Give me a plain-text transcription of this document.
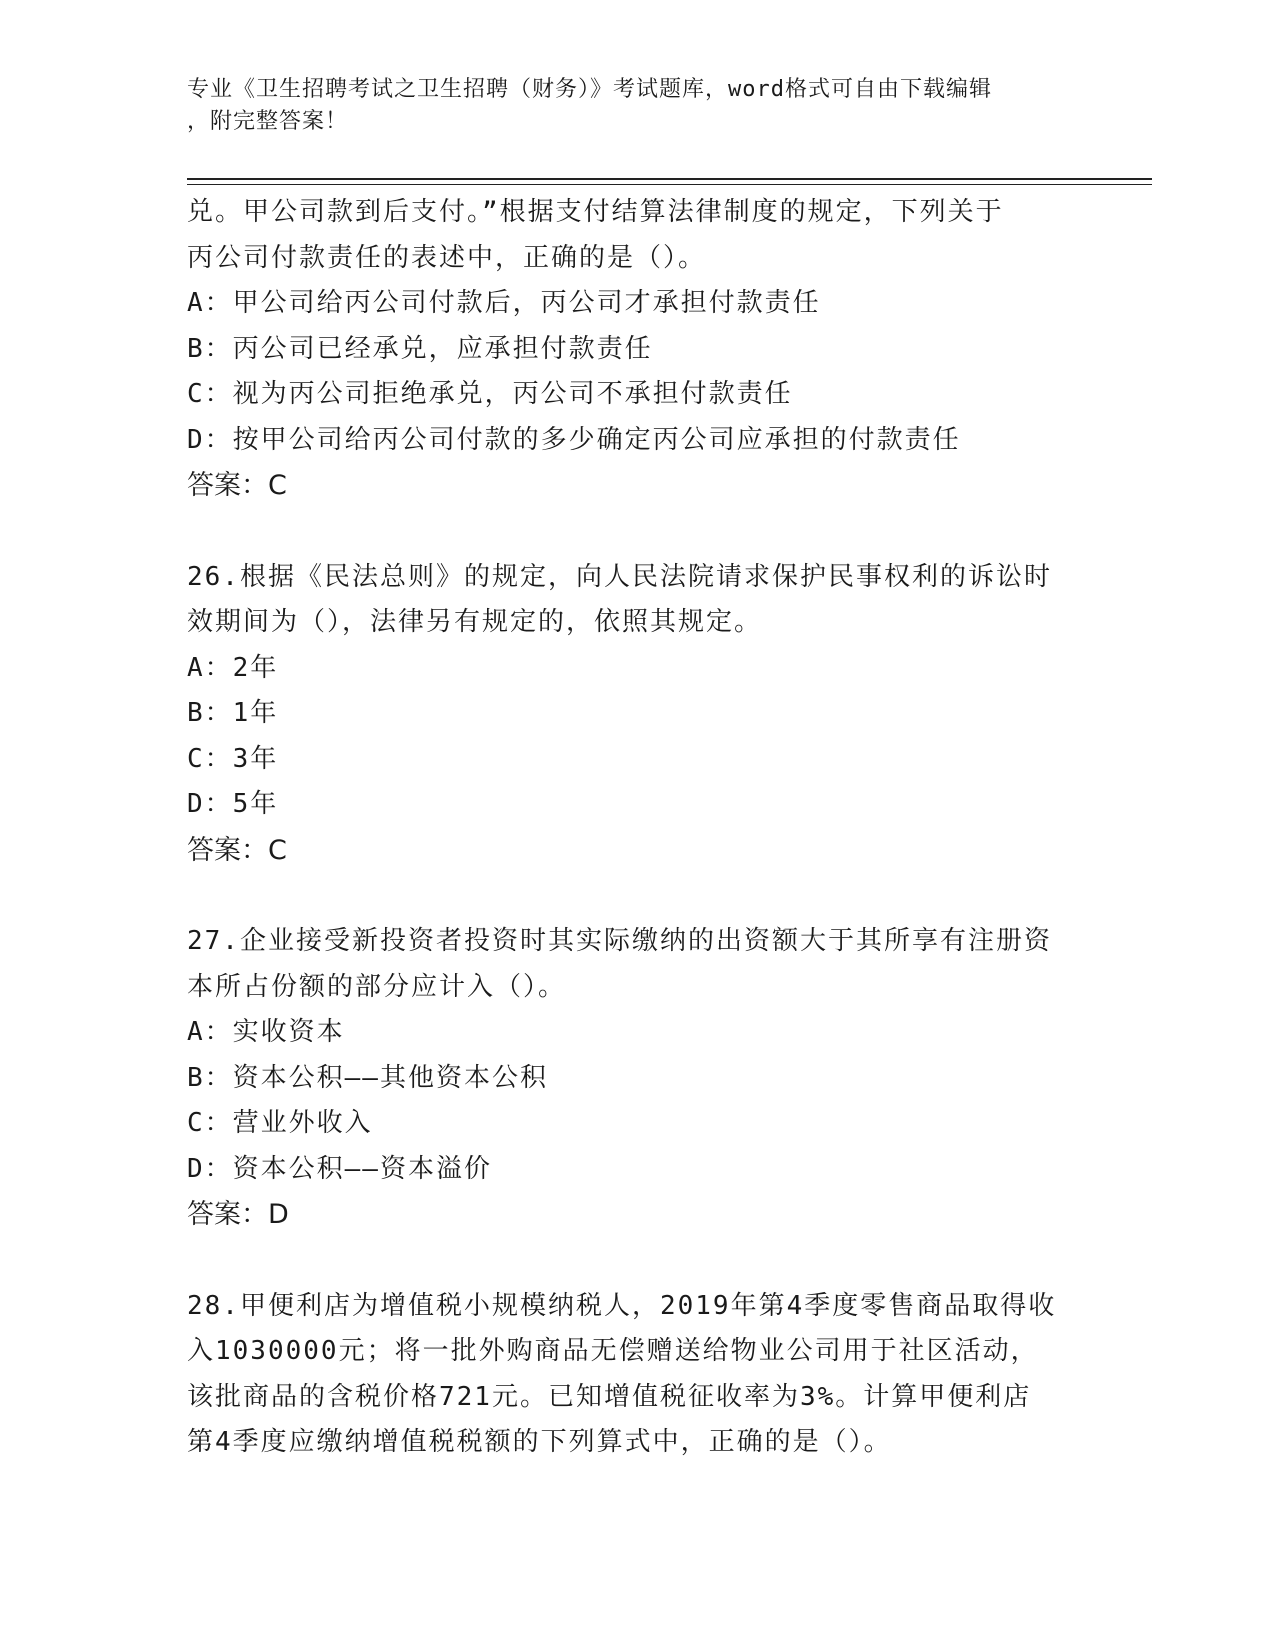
专业《卫生招聘考试之卫生招聘（财务）》考试题库，word格式可自由下载编辑
，附完整答案！
兑。甲公司款到后支付。”根据支付结算法律制度的规定，下列关于
丙公司付款责任的表述中，正确的是（）。
A：甲公司给丙公司付款后，丙公司才承担付款责任
B：丙公司已经承兑，应承担付款责任
C：视为丙公司拒绝承兑，丙公司不承担付款责任
D：按甲公司给丙公司付款的多少确定丙公司应承担的付款责任
答案：C
26.根据《民法总则》的规定，向人民法院请求保护民事权利的诉讼时
效期间为（），法律另有规定的，依照其规定。
A：2年
B：1年
C：3年
D：5年
答案：C
27.企业接受新投资者投资时其实际缴纳的出资额大于其所享有注册资
本所占份额的部分应计入（）。
A：实收资本
B：资本公积——其他资本公积
C：营业外收入
D：资本公积——资本溢价
答案：D
28.甲便利店为增值税小规模纳税人，2019年第4季度零售商品取得收
入1030000元；将一批外购商品无偿赠送给物业公司用于社区活动，
该批商品的含税价格721元。已知增值税征收率为3%。计算甲便利店
第4季度应缴纳增值税税额的下列算式中，正确的是（）。
